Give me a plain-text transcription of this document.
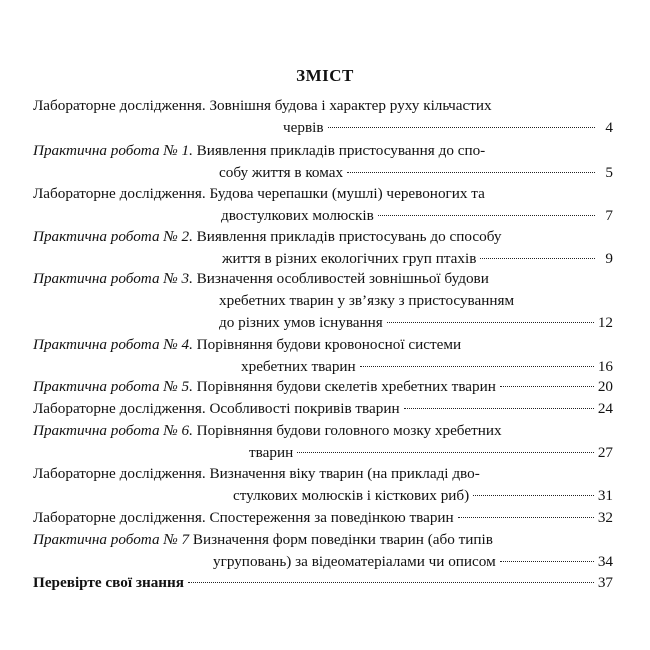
ЗМІСТ
Лабораторне дослідження. Зовнішня будова і характер руху кільчастих
червів	4
Практична робота № 1. Виявлення прикладів пристосування до спо-
собу життя в комах	5
Лабораторне дослідження. Будова черепашки (мушлі) черевоногих та
двостулкових молюсків	7
Практична робота № 2. Виявлення прикладів пристосувань до способу
життя в різних екологічних груп птахів	9
Практична робота № 3. Визначення особливостей зовнішньої будови
хребетних тварин у зв’язку з пристосуванням
до різних умов існування	12
Практична робота № 4. Порівняння будови кровоносної системи
хребетних тварин	16
Практична робота № 5. Порівняння будови скелетів хребетних тварин	20
Лабораторне дослідження. Особливості покривів тварин	24
Практична робота № 6. Порівняння будови головного мозку хребетних
тварин	27
Лабораторне дослідження. Визначення віку тварин (на прикладі дво-
стулкових молюсків і кісткових риб)	31
Лабораторне дослідження. Спостереження за поведінкою тварин	32
Практична робота № 7 Визначення форм поведінки тварин (або типів
угруповань) за відеоматеріалами чи описом	34
Перевірте свої знання	37
